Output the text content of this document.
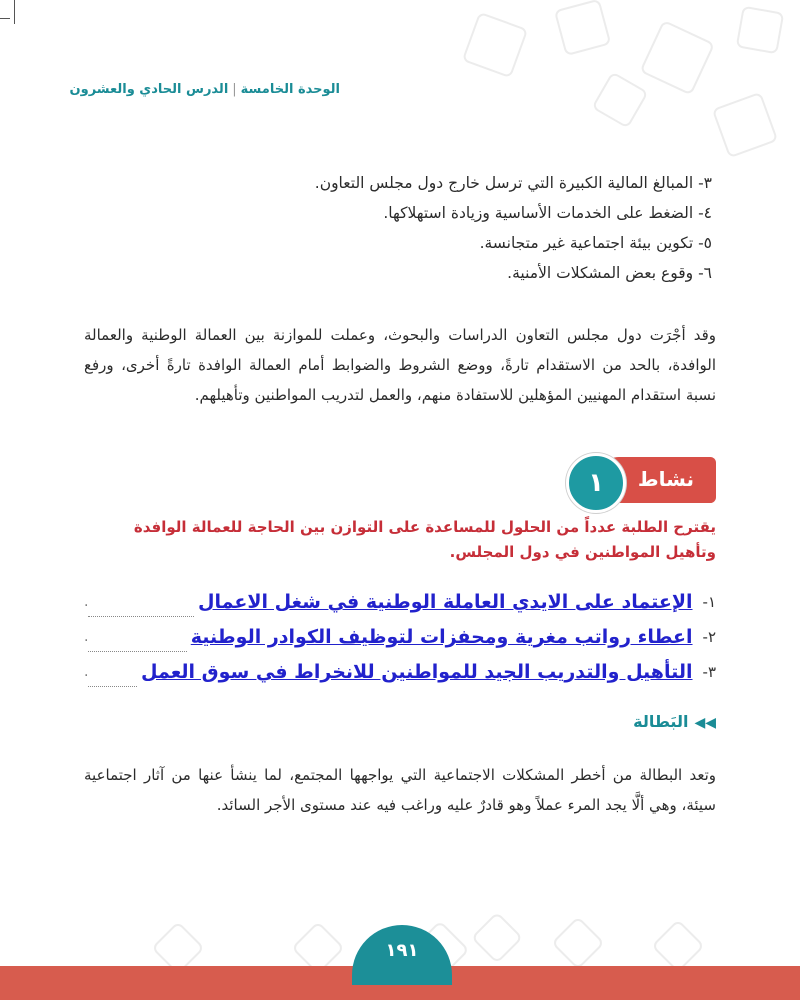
الوحدة الخامسة|الدرس الحادي والعشرون
٣- المبالغ المالية الكبيرة التي ترسل خارج دول مجلس التعاون.
٤- الضغط على الخدمات الأساسية وزيادة استهلاكها.
٥- تكوين بيئة اجتماعية غير متجانسة.
٦- وقوع بعض المشكلات الأمنية.

وقد أجْرَت دول مجلس التعاون الدراسات والبحوث، وعملت للموازنة بين العمالة الوطنية والعمالة الوافدة، بالحد من الاستقدام تارةً، ووضع الشروط والضوابط أمام العمالة الوافدة تارةً أخرى، ورفع نسبة استقدام المهنيين المؤهلين للاستفادة منهم، والعمل لتدريب المواطنين وتأهيلهم.

نشاط
١
يقترح الطلبة عدداً من الحلول للمساعدة على التوازن بين الحاجة للعمالة الوافدة وتأهيل المواطنين في دول المجلس.
١-
الإعتماد على الايدي العاملة الوطنية في شغل الاعمال
.
٢-
اعطاء رواتب مغرية ومحفزات لتوظيف الكوادر الوطنية
.
٣-
التأهيل والتدريب الجيد للمواطنين للانخراط في سوق العمل
.
◀◀البَطالة

وتعد البطالة من أخطر المشكلات الاجتماعية التي يواجهها المجتمع، لما ينشأ عنها من آثار اجتماعية سيئة، وهي ألَّا يجد المرء عملاً وهو قادرٌ عليه وراغب فيه عند مستوى الأجر السائد.

١٩١
